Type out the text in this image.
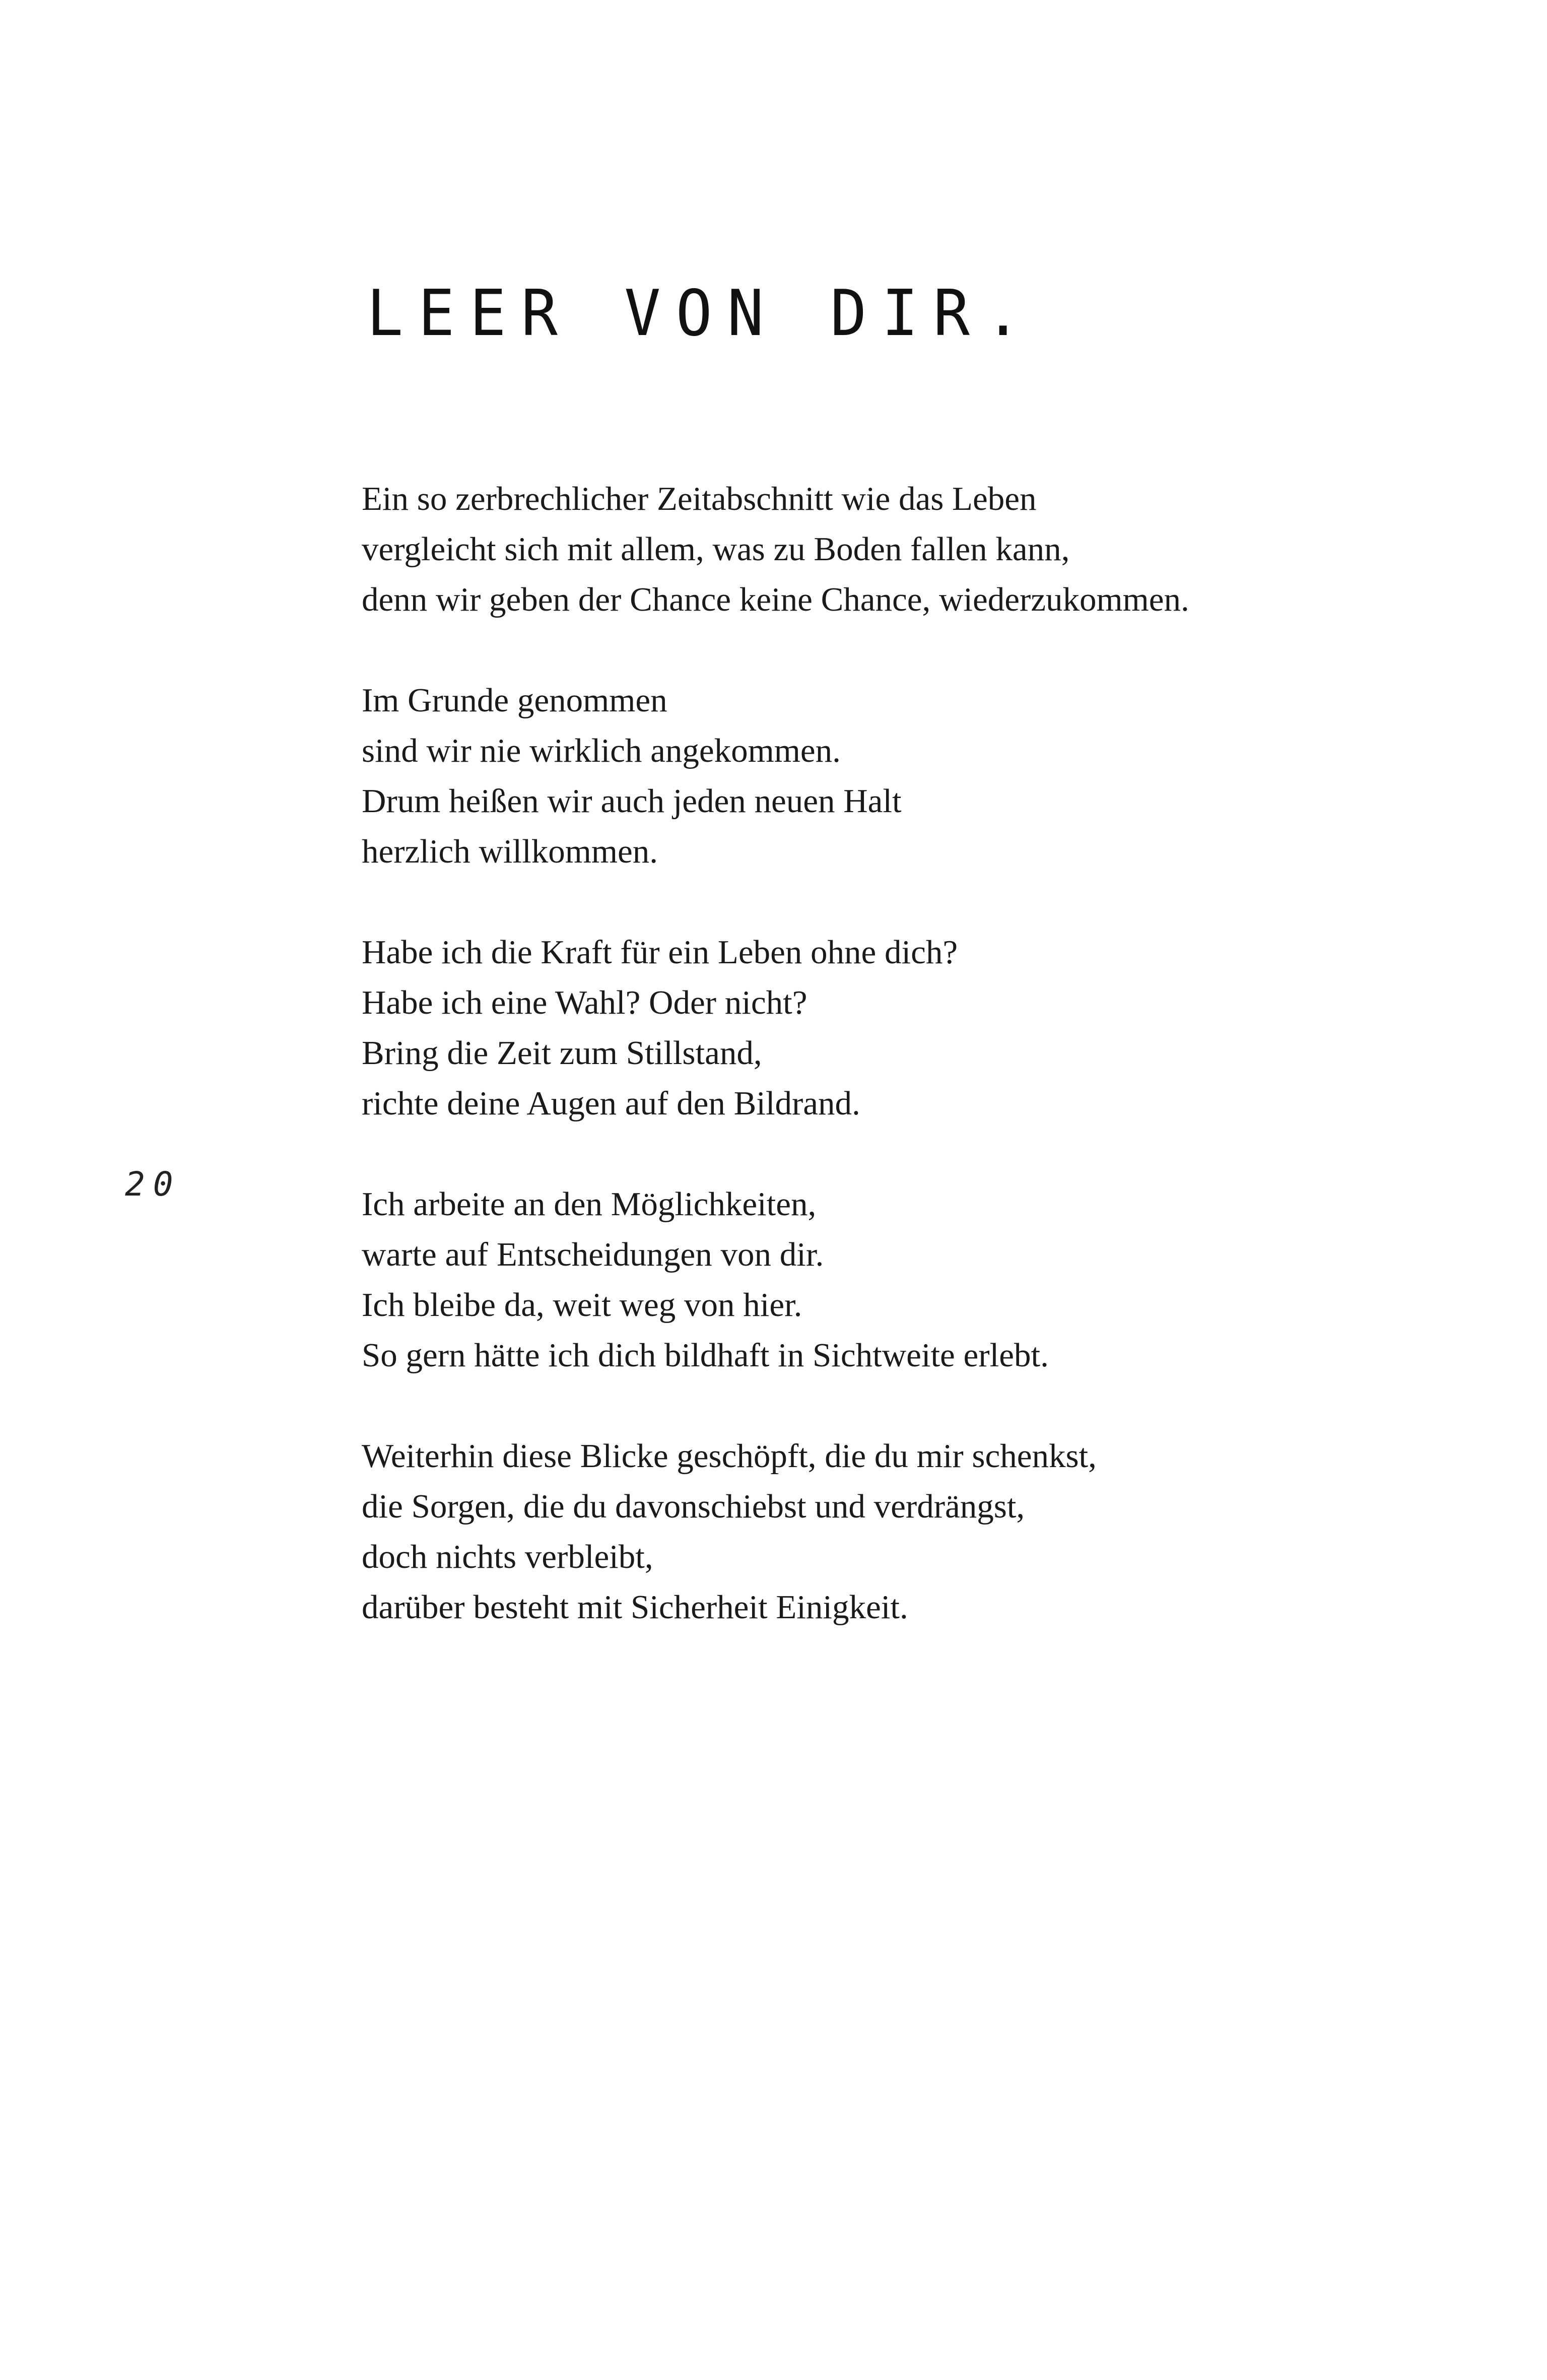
LEER VON DIR.
20
Ein so zerbrechlicher Zeitabschnitt wie das Leben
vergleicht sich mit allem, was zu Boden fallen kann,
denn wir geben der Chance keine Chance, wiederzukommen.
Im Grunde genommen
sind wir nie wirklich angekommen.
Drum heißen wir auch jeden neuen Halt
herzlich willkommen.
Habe ich die Kraft für ein Leben ohne dich?
Habe ich eine Wahl? Oder nicht?
Bring die Zeit zum Stillstand,
richte deine Augen auf den Bildrand.
Ich arbeite an den Möglichkeiten,
warte auf Entscheidungen von dir.
Ich bleibe da, weit weg von hier.
So gern hätte ich dich bildhaft in Sichtweite erlebt.
Weiterhin diese Blicke geschöpft, die du mir schenkst,
die Sorgen, die du davonschiebst und verdrängst,
doch nichts verbleibt,
darüber besteht mit Sicherheit Einigkeit.
